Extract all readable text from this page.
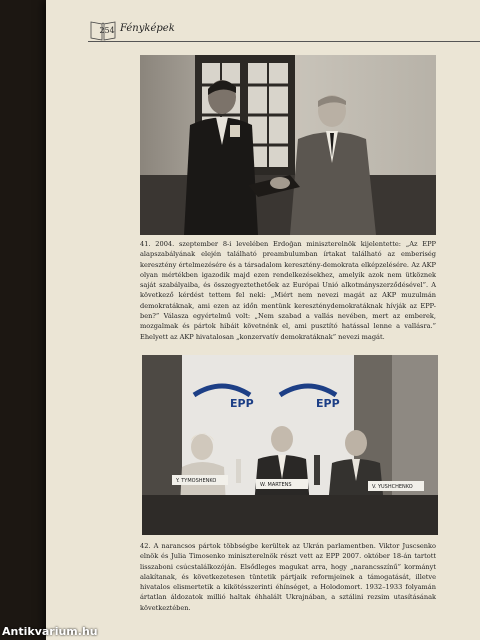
254 Fényképek
41. 2004. szeptember 8-i levelében Erdoğan miniszterelnök kijelentette: „Az EPP alapszabályának elején található preambulumban írtakat található az emberiség keresztény értelmezésére és a társadalom keresztény-demokrata elképzelésére. Az AKP olyan mértékben igazodik majd ezen rendelkezésekhez, amelyik azok nem ütköznek saját szabályaiba, és összegyeztethetőek az Európai Unió alkotmányszerződésével”. A következő kérdést tettem fel neki: „Miért nem nevezi magát az AKP muzulmán demokratáknak, ami ezen az időn mentünk kereszténydemokratáknak hívják az EPP-ben?” Válasza egyértelmű volt: „Nem szabad a vallás nevében, mert az emberek, mozgalmak és pártok hibáit követnénk el, ami pusztító hatással lenne a vallásra.” Ehelyett az AKP hivatalosan „konzervatív demokratáknak” nevezi magát.
EPP	EPP
Y. TYMOSHENKO
W. MARTENS	V. YUSHCHENKO
42. A narancsos pártok többségbe kerültek az Ukrán parlamentben. Viktor Juscsenko elnök és Julia Timosenko miniszterelnök részt vett az EPP 2007. október 18-án tartott lisszaboni csúcstalálkozóján. Elsődleges magukat arra, hogy „narancsszínű” kormányt alakítanak, és következetesen tüntetik pártjaik reformjeinek a támogatását, illetve hivatalos elismertetik a kikötésszerinti éhínséget, a Holodomort. 1932–1933 folyamán ártatlan áldozatok millió haltak éhhalált Ukrajnában, a sztálini rezsim utasításának következtében.
Antikvarium.hu
